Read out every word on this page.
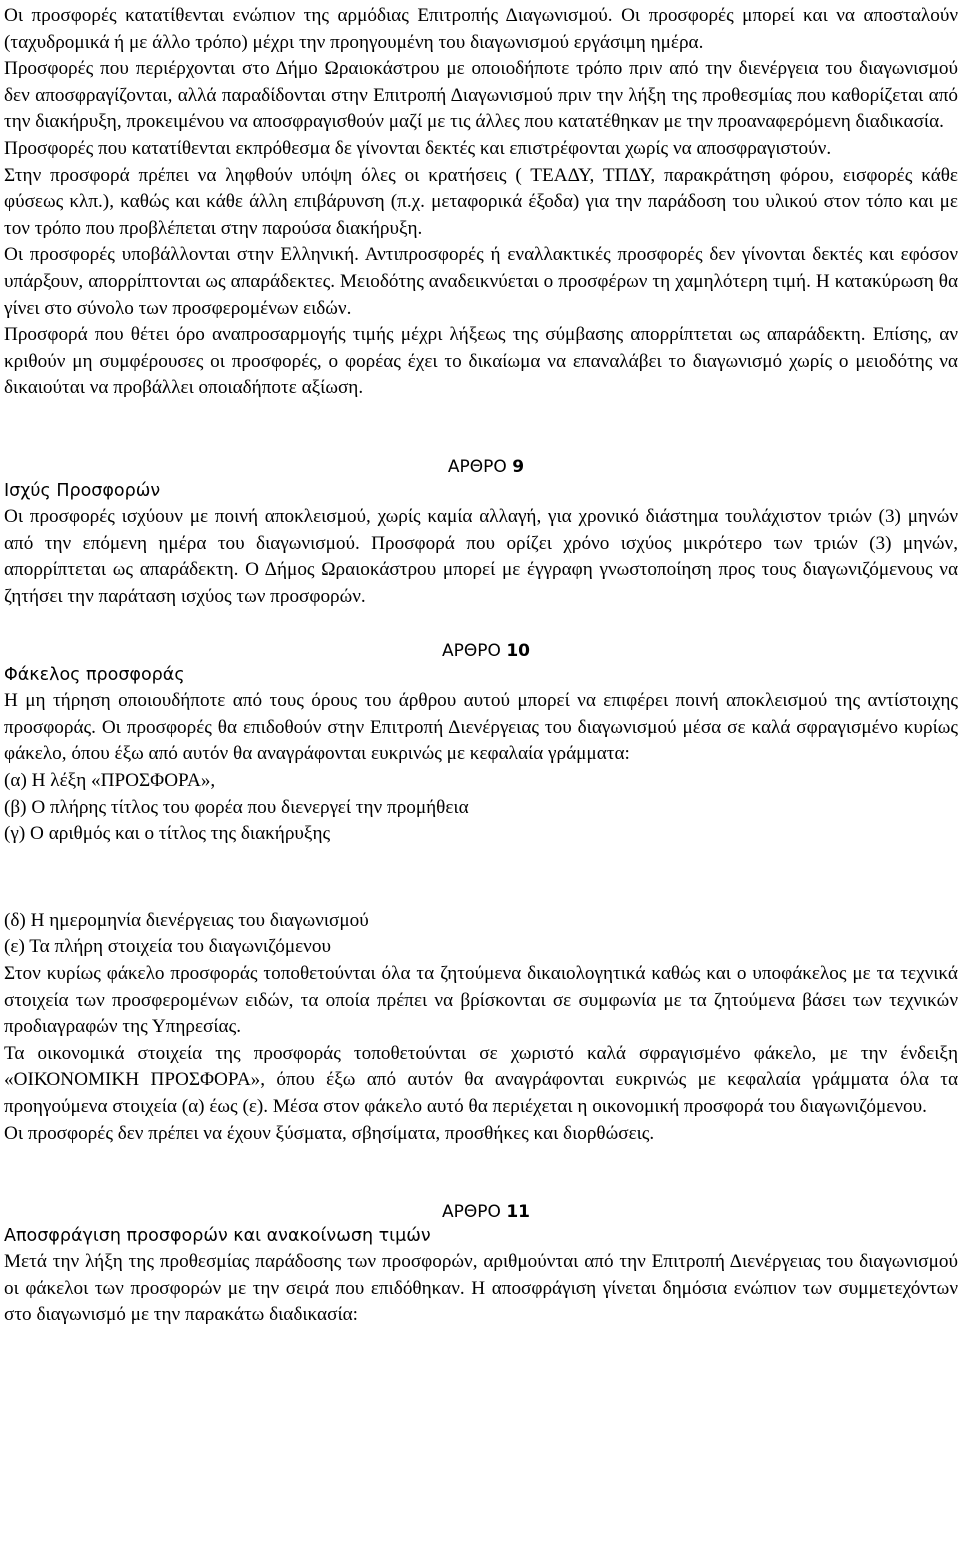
Οι προσφορές κατατίθενται ενώπιον της αρμόδιας Επιτροπής Διαγωνισμού. Οι προσφορές μπορεί και να αποσταλούν (ταχυδρομικά ή με άλλο τρόπο) μέχρι την προηγουμένη του διαγωνισμού εργάσιμη ημέρα.

Προσφορές που περιέρχονται στο Δήμο Ωραιοκάστρου με οποιοδήποτε τρόπο πριν από την διενέργεια του διαγωνισμού δεν αποσφραγίζονται, αλλά παραδίδονται στην Επιτροπή Διαγωνισμού πριν την λήξη της προθεσμίας που καθορίζεται από την διακήρυξη, προκειμένου να αποσφραγισθούν μαζί με τις άλλες που κατατέθηκαν με την προαναφερόμενη διαδικασία.

Προσφορές που κατατίθενται εκπρόθεσμα δε γίνονται δεκτές και επιστρέφονται χωρίς να αποσφραγιστούν.

Στην προσφορά πρέπει να ληφθούν υπόψη όλες οι κρατήσεις ( ΤΕΑΔΥ, ΤΠΔΥ, παρακράτηση φόρου, εισφορές κάθε φύσεως κλπ.), καθώς και κάθε άλλη επιβάρυνση (π.χ. μεταφορικά έξοδα) για την παράδοση του υλικού στον τόπο και με τον τρόπο που προβλέπεται στην παρούσα διακήρυξη.

Οι προσφορές υποβάλλονται στην Ελληνική. Αντιπροσφορές ή εναλλακτικές προσφορές δεν γίνονται δεκτές και εφόσον υπάρξουν, απορρίπτονται ως απαράδεκτες. Μειοδότης αναδεικνύεται ο προσφέρων τη χαμηλότερη τιμή. Η κατακύρωση θα γίνει στο σύνολο των προσφερομένων ειδών.

Προσφορά που θέτει όρο αναπροσαρμογής τιμής μέχρι λήξεως της σύμβασης απορρίπτεται ως απαράδεκτη. Επίσης, αν κριθούν μη συμφέρουσες οι προσφορές, ο φορέας έχει το δικαίωμα να επαναλάβει το διαγωνισμό χωρίς ο μειοδότης να δικαιούται να προβάλλει οποιαδήποτε αξίωση.

ΑΡΘΡΟ 9

Ισχύς Προσφορών

Οι προσφορές ισχύουν με ποινή αποκλεισμού, χωρίς καμία αλλαγή, για χρονικό διάστημα τουλάχιστον τριών (3) μηνών από την επόμενη ημέρα του διαγωνισμού. Προσφορά που ορίζει χρόνο ισχύος μικρότερο των τριών (3) μηνών, απορρίπτεται ως απαράδεκτη. Ο Δήμος Ωραιοκάστρου μπορεί με έγγραφη γνωστοποίηση προς τους διαγωνιζόμενους να ζητήσει την παράταση ισχύος των προσφορών.

ΑΡΘΡΟ 10

Φάκελος προσφοράς

Η μη τήρηση οποιουδήποτε από τους όρους του άρθρου αυτού μπορεί να επιφέρει ποινή αποκλεισμού της αντίστοιχης προσφοράς. Οι προσφορές θα επιδοθούν στην Επιτροπή Διενέργειας του διαγωνισμού μέσα σε καλά σφραγισμένο κυρίως φάκελο, όπου έξω από αυτόν θα αναγράφονται ευκρινώς με κεφαλαία γράμματα:

(α) Η λέξη «ΠΡΟΣΦΟΡΑ»,

(β) Ο πλήρης τίτλος του φορέα που διενεργεί την προμήθεια

(γ) Ο αριθμός και ο τίτλος της διακήρυξης

(δ) Η ημερομηνία διενέργειας του διαγωνισμού

(ε) Τα πλήρη στοιχεία του διαγωνιζόμενου

Στον κυρίως φάκελο προσφοράς τοποθετούνται όλα τα ζητούμενα δικαιολογητικά καθώς και ο υποφάκελος με τα τεχνικά στοιχεία των προσφερομένων ειδών, τα οποία πρέπει να βρίσκονται σε συμφωνία με τα ζητούμενα βάσει των τεχνικών προδιαγραφών της Υπηρεσίας.

Τα οικονομικά στοιχεία της προσφοράς τοποθετούνται σε χωριστό καλά σφραγισμένο φάκελο, με την ένδειξη «ΟΙΚΟΝΟΜΙΚΗ ΠΡΟΣΦΟΡΑ», όπου έξω από αυτόν θα αναγράφονται ευκρινώς με κεφαλαία γράμματα όλα τα προηγούμενα στοιχεία (α) έως (ε). Μέσα στον φάκελο αυτό θα περιέχεται η οικονομική προσφορά του διαγωνιζόμενου.

Οι προσφορές δεν πρέπει να έχουν ξύσματα, σβησίματα, προσθήκες και διορθώσεις.

ΑΡΘΡΟ 11

Αποσφράγιση προσφορών και ανακοίνωση τιμών

Μετά την λήξη της προθεσμίας παράδοσης των προσφορών, αριθμούνται από την Επιτροπή Διενέργειας του διαγωνισμού οι φάκελοι των προσφορών με την σειρά που επιδόθηκαν. Η αποσφράγιση γίνεται δημόσια ενώπιον των συμμετεχόντων στο διαγωνισμό με την παρακάτω διαδικασία:
